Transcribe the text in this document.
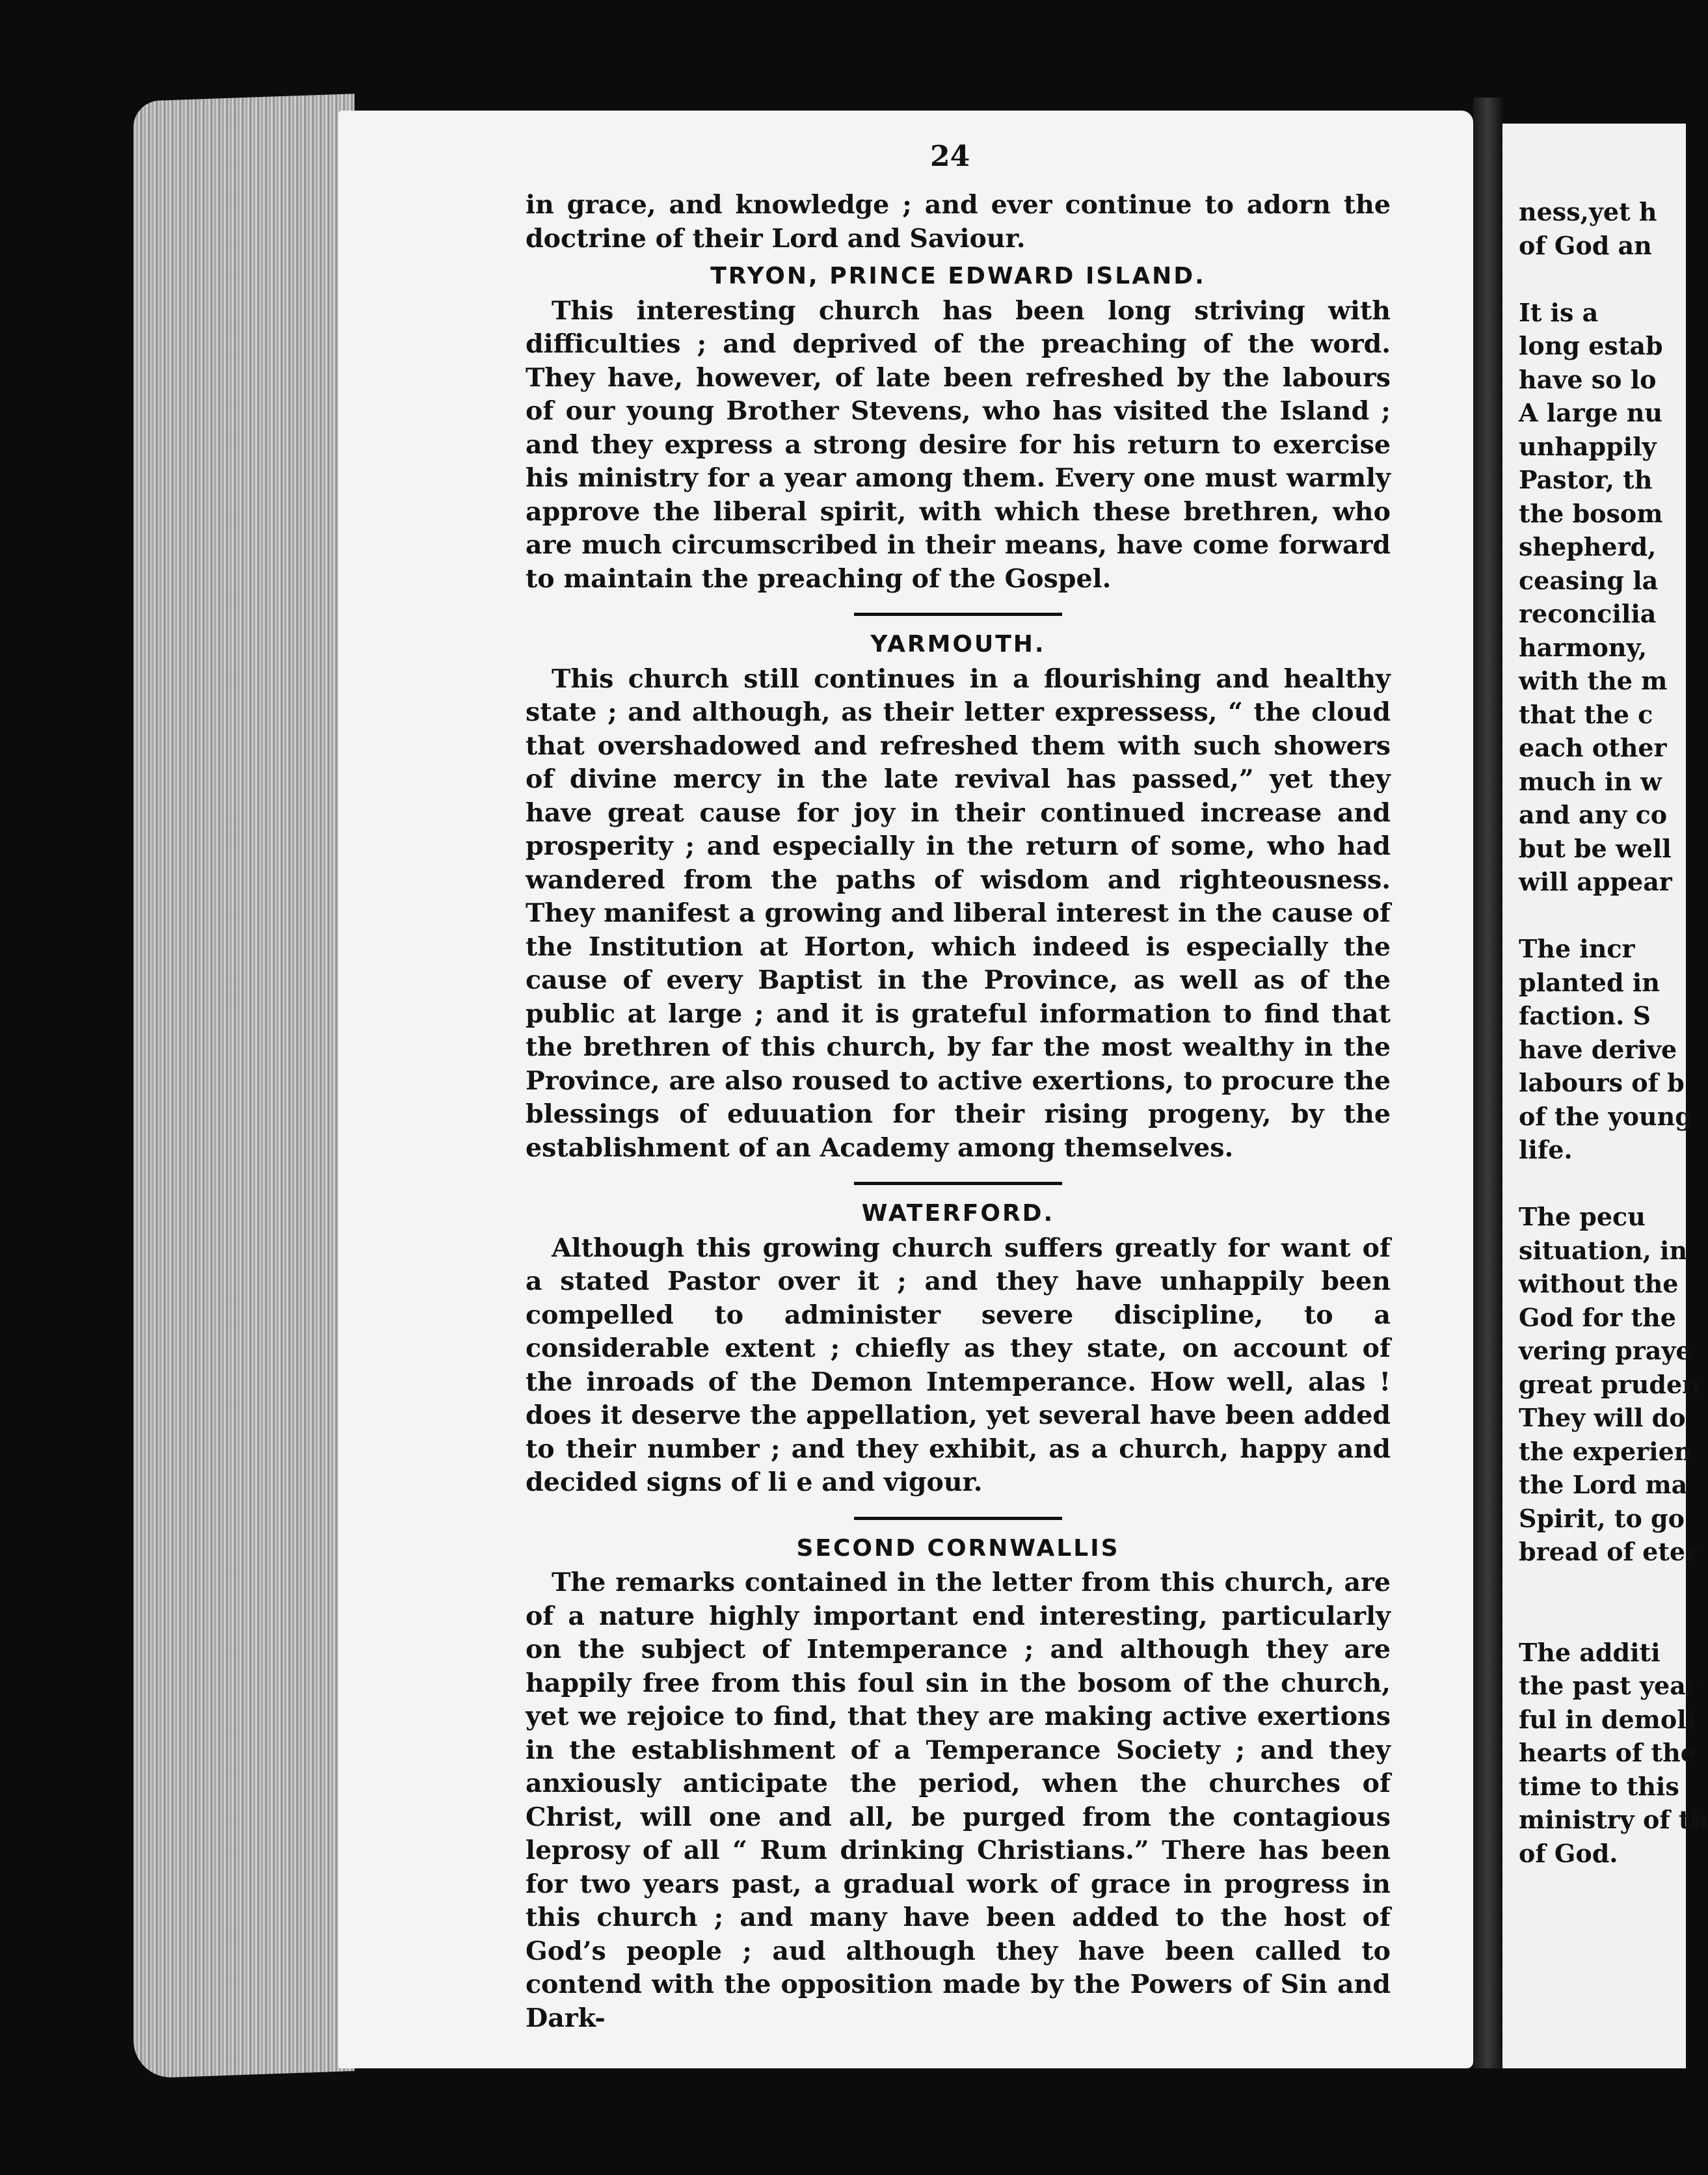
24

in grace, and knowledge ; and ever continue to adorn the doctrine of their Lord and Saviour.

TRYON, PRINCE EDWARD ISLAND.

This interesting church has been long striving with difficulties ; and deprived of the preaching of the word. They have, however, of late been refreshed by the labours of our young Brother Stevens, who has visited the Island ; and they express a strong desire for his return to exercise his ministry for a year among them. Every one must warmly approve the liberal spirit, with which these brethren, who are much circumscribed in their means, have come forward to maintain the preaching of the Gospel.

YARMOUTH.

This church still continues in a flourishing and healthy state ; and although, as their letter expressess, “ the cloud that overshadowed and refreshed them with such showers of divine mercy in the late revival has passed,” yet they have great cause for joy in their continued increase and prosperity ; and especially in the return of some, who had wandered from the paths of wisdom and righteousness. They manifest a growing and liberal interest in the cause of the Institution at Horton, which indeed is especially the cause of every Baptist in the Province, as well as of the public at large ; and it is grateful information to find that the brethren of this church, by far the most wealthy in the Province, are also roused to active exertions, to procure the blessings of eduuation for their rising progeny, by the establishment of an Academy among themselves.

WATERFORD.

Although this growing church suffers greatly for want of a stated Pastor over it ; and they have unhappily been compelled to administer severe discipline, to a considerable extent ; chiefly as they state, on account of the inroads of the Demon Intemperance. How well, alas ! does it deserve the appellation, yet several have been added to their number ; and they exhibit, as a church, happy and decided signs of li e and vigour.

SECOND CORNWALLIS

The remarks contained in the letter from this church, are of a nature highly important end interesting, particularly on the subject of Intemperance ; and although they are happily free from this foul sin in the bosom of the church, yet we rejoice to find, that they are making active exertions in the establishment of a Temperance Society ; and they anxiously anticipate the period, when the churches of Christ, will one and all, be purged from the contagious leprosy of all “ Rum drinking Christians.” There has been for two years past, a gradual work of grace in progress in this church ; and many have been added to the host of God’s people ; aud although they have been called to contend with the opposition made by the Powers of Sin and Dark-

ness,yet h
of God an
It is a
long estab
have so lo
A large nu
unhappily
Pastor, th
the bosom
shepherd,
ceasing la
reconcilia
harmony,
with the m
that the c
each other
much in w
and any co
but be well
will appear
The incr
planted in
faction. S
have derive
labours of b
of the young
life.
The pecu
situation, in
without the
God for the
vering praye
great pruden
They will do
the experien
the Lord ma
Spirit, to go
bread of eter
The additi
the past year
ful in demoli
hearts of the
time to this
ministry of th
of God.
